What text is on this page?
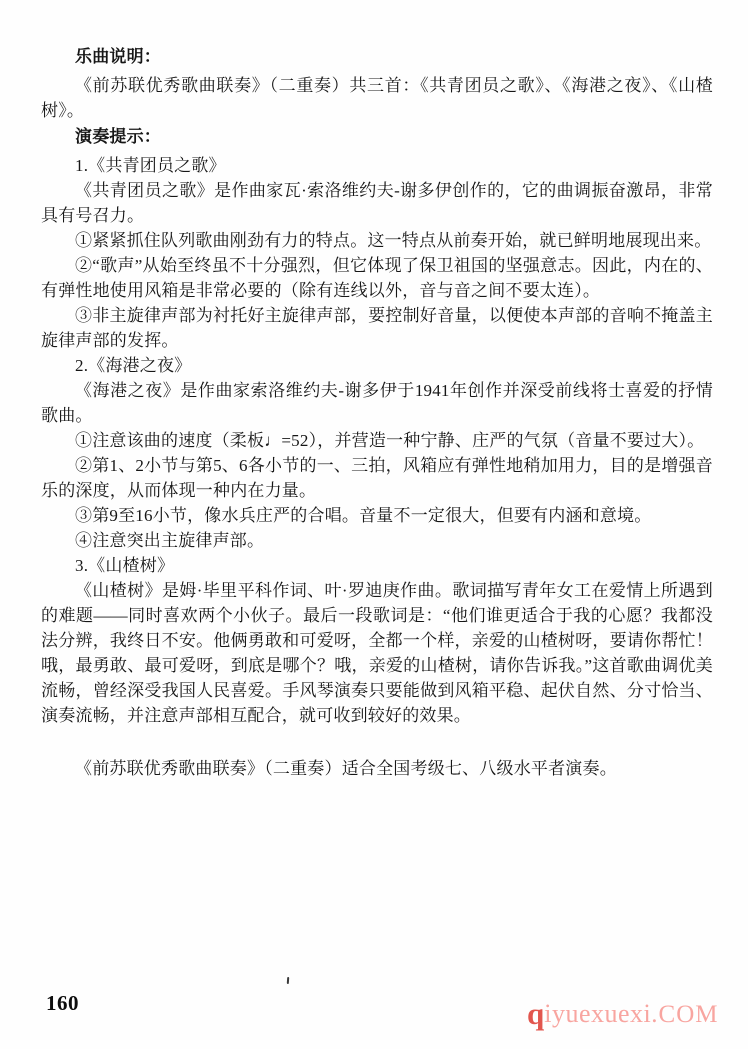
乐曲说明：

《前苏联优秀歌曲联奏》（二重奏）共三首：《共青团员之歌》、《海港之夜》、《山楂树》。

演奏提示：

1.《共青团员之歌》

《共青团员之歌》是作曲家瓦·索洛维约夫-谢多伊创作的，它的曲调振奋激昂，非常具有号召力。

①紧紧抓住队列歌曲刚劲有力的特点。这一特点从前奏开始，就已鲜明地展现出来。

②“歌声”从始至终虽不十分强烈，但它体现了保卫祖国的坚强意志。因此，内在的、有弹性地使用风箱是非常必要的（除有连线以外，音与音之间不要太连）。

③非主旋律声部为衬托好主旋律声部，要控制好音量，以便使本声部的音响不掩盖主旋律声部的发挥。

2.《海港之夜》

《海港之夜》是作曲家索洛维约夫-谢多伊于1941年创作并深受前线将士喜爱的抒情歌曲。

①注意该曲的速度（柔板♩=52），并营造一种宁静、庄严的气氛（音量不要过大）。

②第1、2小节与第5、6各小节的一、三拍，风箱应有弹性地稍加用力，目的是增强音乐的深度，从而体现一种内在力量。

③第9至16小节，像水兵庄严的合唱。音量不一定很大，但要有内涵和意境。

④注意突出主旋律声部。

3.《山楂树》

《山楂树》是姆·毕里平科作词、叶·罗迪庚作曲。歌词描写青年女工在爱情上所遇到的难题——同时喜欢两个小伙子。最后一段歌词是：“他们谁更适合于我的心愿？我都没法分辨，我终日不安。他俩勇敢和可爱呀，全都一个样，亲爱的山楂树呀，要请你帮忙！哦，最勇敢、最可爱呀，到底是哪个？哦，亲爱的山楂树，请你告诉我。”这首歌曲调优美流畅，曾经深受我国人民喜爱。手风琴演奏只要能做到风箱平稳、起伏自然、分寸恰当、演奏流畅，并注意声部相互配合，就可收到较好的效果。

《前苏联优秀歌曲联奏》（二重奏）适合全国考级七、八级水平者演奏。

160	qiyuexuexi.COM
